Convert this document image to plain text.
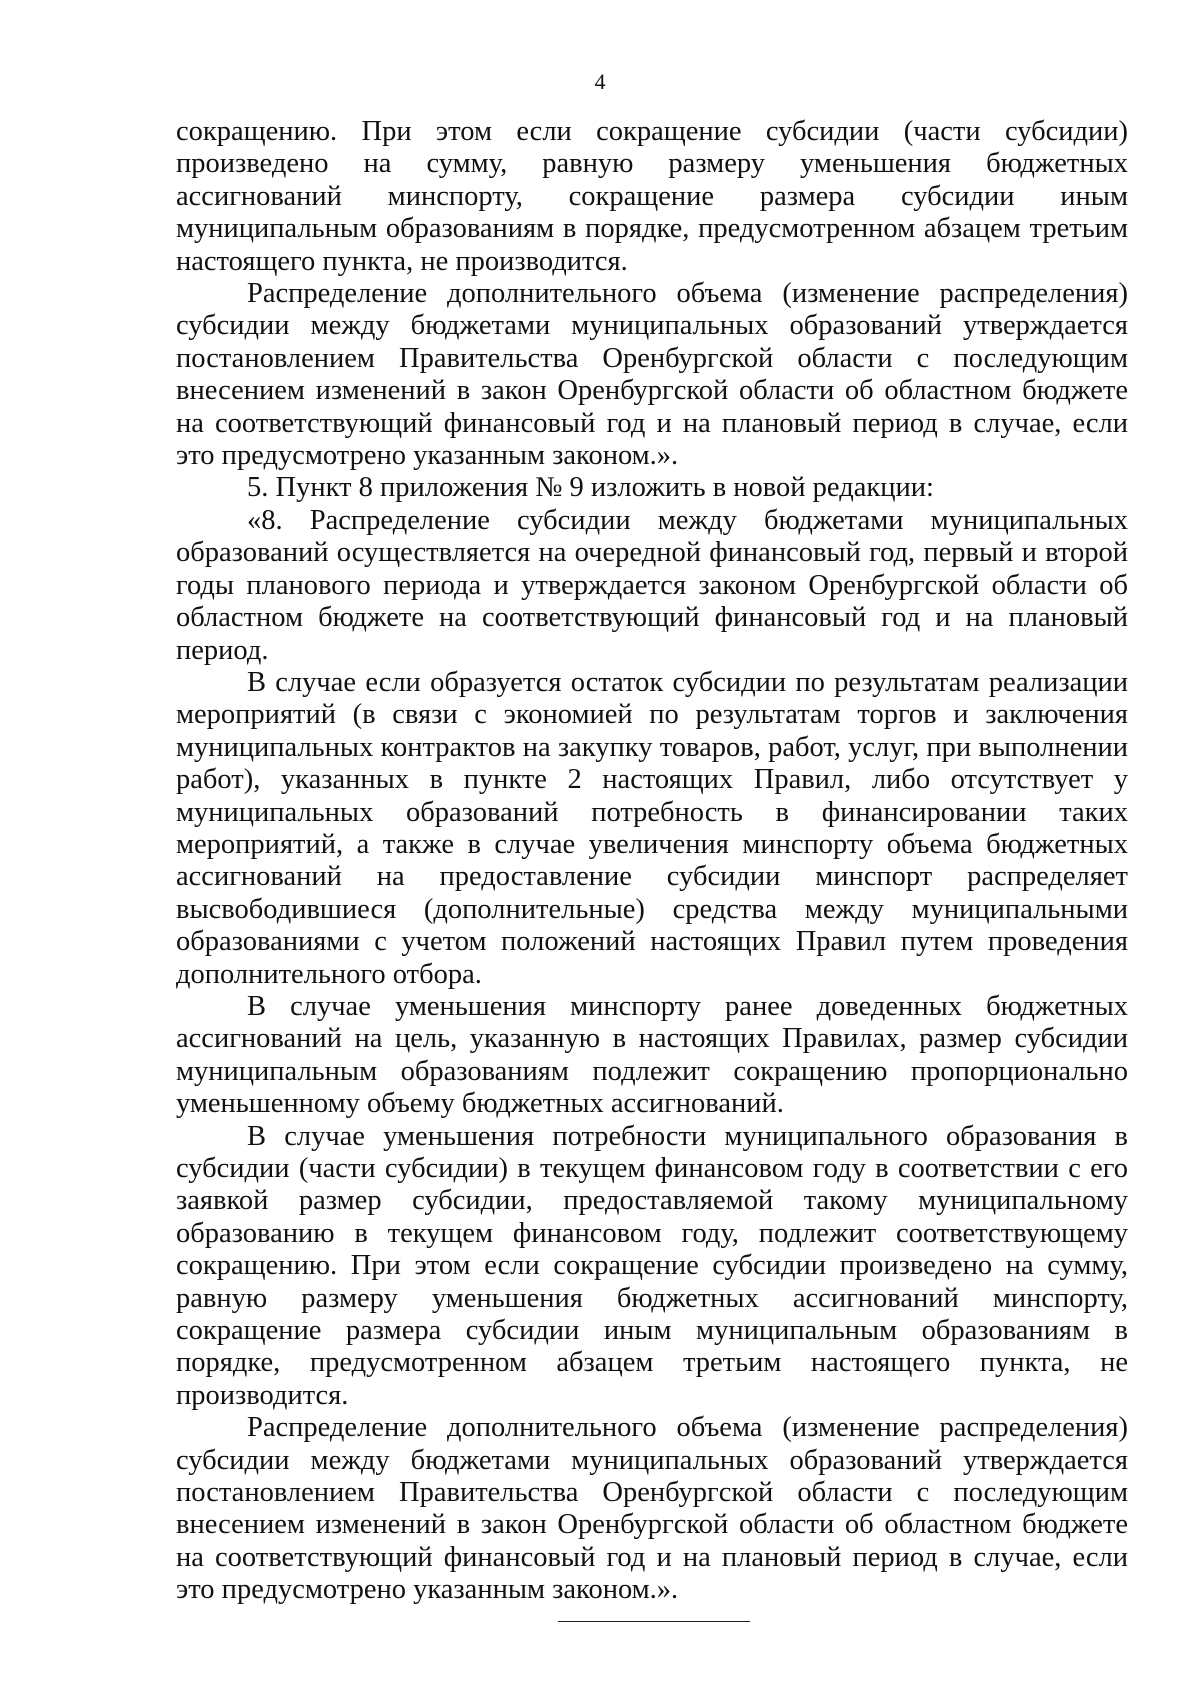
4

сокращению. При этом если сокращение субсидии (части субсидии) произведено на сумму, равную размеру уменьшения бюджетных ассигнований минспорту, сокращение размера субсидии иным муниципальным образованиям в порядке, предусмотренном абзацем третьим настоящего пункта, не производится.

Распределение дополнительного объема (изменение распределения) субсидии между бюджетами муниципальных образований утверждается постановлением Правительства Оренбургской области с последующим внесением изменений в закон Оренбургской области об областном бюджете на соответствующий финансовый год и на плановый период в случае, если это предусмотрено указанным законом.».

5. Пункт 8 приложения № 9 изложить в новой редакции:

«8. Распределение субсидии между бюджетами муниципальных образований осуществляется на очередной финансовый год, первый и второй годы планового периода и утверждается законом Оренбургской области об областном бюджете на соответствующий финансовый год и на плановый период.

В случае если образуется остаток субсидии по результатам реализации мероприятий (в связи с экономией по результатам торгов и заключения муниципальных контрактов на закупку товаров, работ, услуг, при выполнении работ), указанных в пункте 2 настоящих Правил, либо отсутствует у муниципальных образований потребность в финансировании таких мероприятий, а также в случае увеличения минспорту объема бюджетных ассигнований на предоставление субсидии минспорт распределяет высвободившиеся (дополнительные) средства между муниципальными образованиями с учетом положений настоящих Правил путем проведения дополнительного отбора.

В случае уменьшения минспорту ранее доведенных бюджетных ассигнований на цель, указанную в настоящих Правилах, размер субсидии муниципальным образованиям подлежит сокращению пропорционально уменьшенному объему бюджетных ассигнований.

В случае уменьшения потребности муниципального образования в субсидии (части субсидии) в текущем финансовом году в соответствии с его заявкой размер субсидии, предоставляемой такому муниципальному образованию в текущем финансовом году, подлежит соответствующему сокращению. При этом если сокращение субсидии произведено на сумму, равную размеру уменьшения бюджетных ассигнований минспорту, сокращение размера субсидии иным муниципальным образованиям в порядке, предусмотренном абзацем третьим настоящего пункта, не производится.

Распределение дополнительного объема (изменение распределения) субсидии между бюджетами муниципальных образований утверждается постановлением Правительства Оренбургской области с последующим внесением изменений в закон Оренбургской области об областном бюджете на соответствующий финансовый год и на плановый период в случае, если это предусмотрено указанным законом.».
